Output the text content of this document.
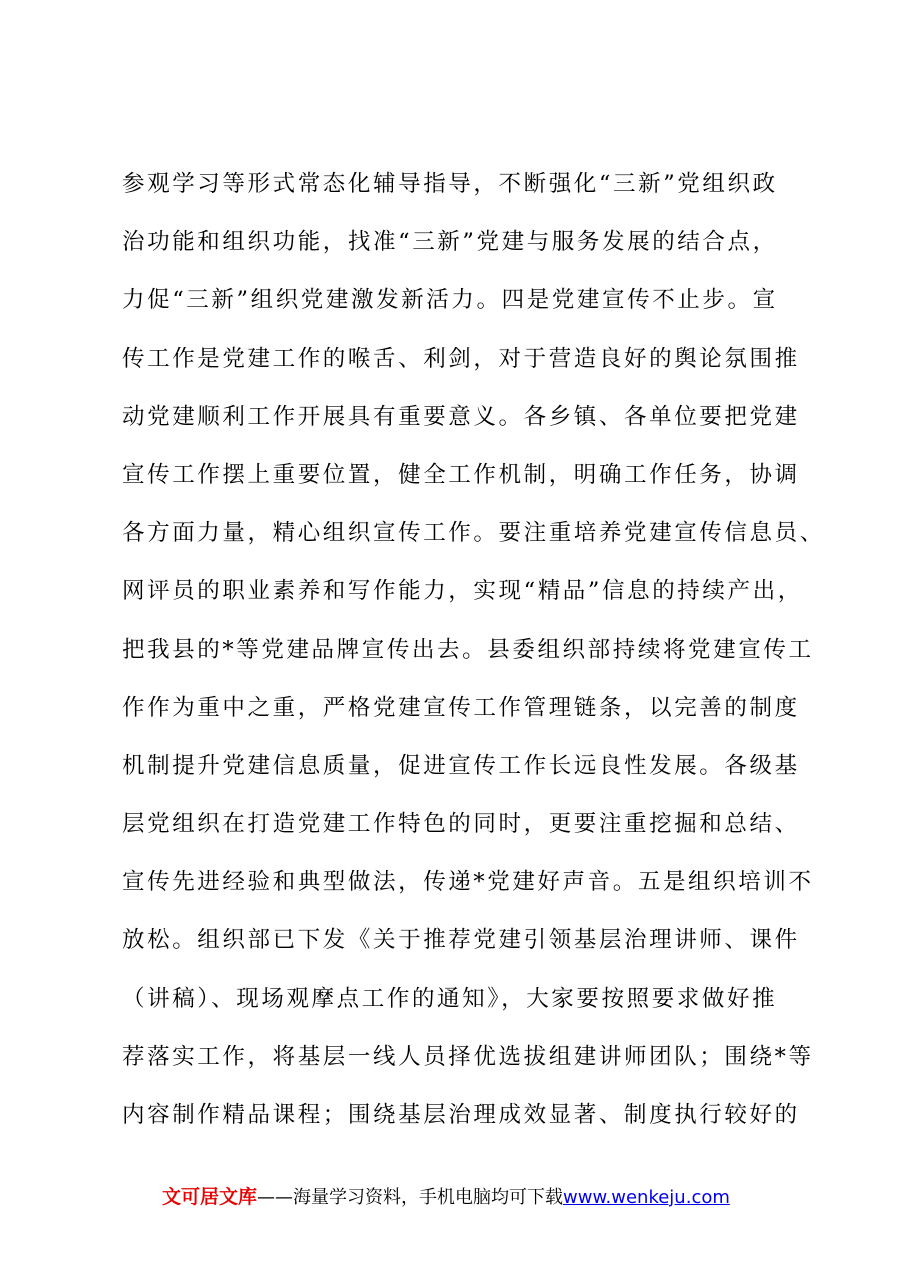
参观学习等形式常态化辅导指导，不断强化“三新”党组织政
治功能和组织功能，找准“三新”党建与服务发展的结合点，
力促“三新”组织党建激发新活力。四是党建宣传不止步。宣
传工作是党建工作的喉舌、利剑，对于营造良好的舆论氛围推
动党建顺利工作开展具有重要意义。各乡镇、各单位要把党建
宣传工作摆上重要位置，健全工作机制，明确工作任务，协调
各方面力量，精心组织宣传工作。要注重培养党建宣传信息员、
网评员的职业素养和写作能力，实现“精品”信息的持续产出，
把我县的*等党建品牌宣传出去。县委组织部持续将党建宣传工
作作为重中之重，严格党建宣传工作管理链条，以完善的制度
机制提升党建信息质量，促进宣传工作长远良性发展。各级基
层党组织在打造党建工作特色的同时，更要注重挖掘和总结、
宣传先进经验和典型做法，传递*党建好声音。五是组织培训不
放松。组织部已下发《关于推荐党建引领基层治理讲师、课件
（讲稿）、现场观摩点工作的通知》，大家要按照要求做好推
荐落实工作，将基层一线人员择优选拔组建讲师团队；围绕*等
内容制作精品课程；围绕基层治理成效显著、制度执行较好的
文可居文库——海量学习资料，手机电脑均可下载www.wenkeju.com
